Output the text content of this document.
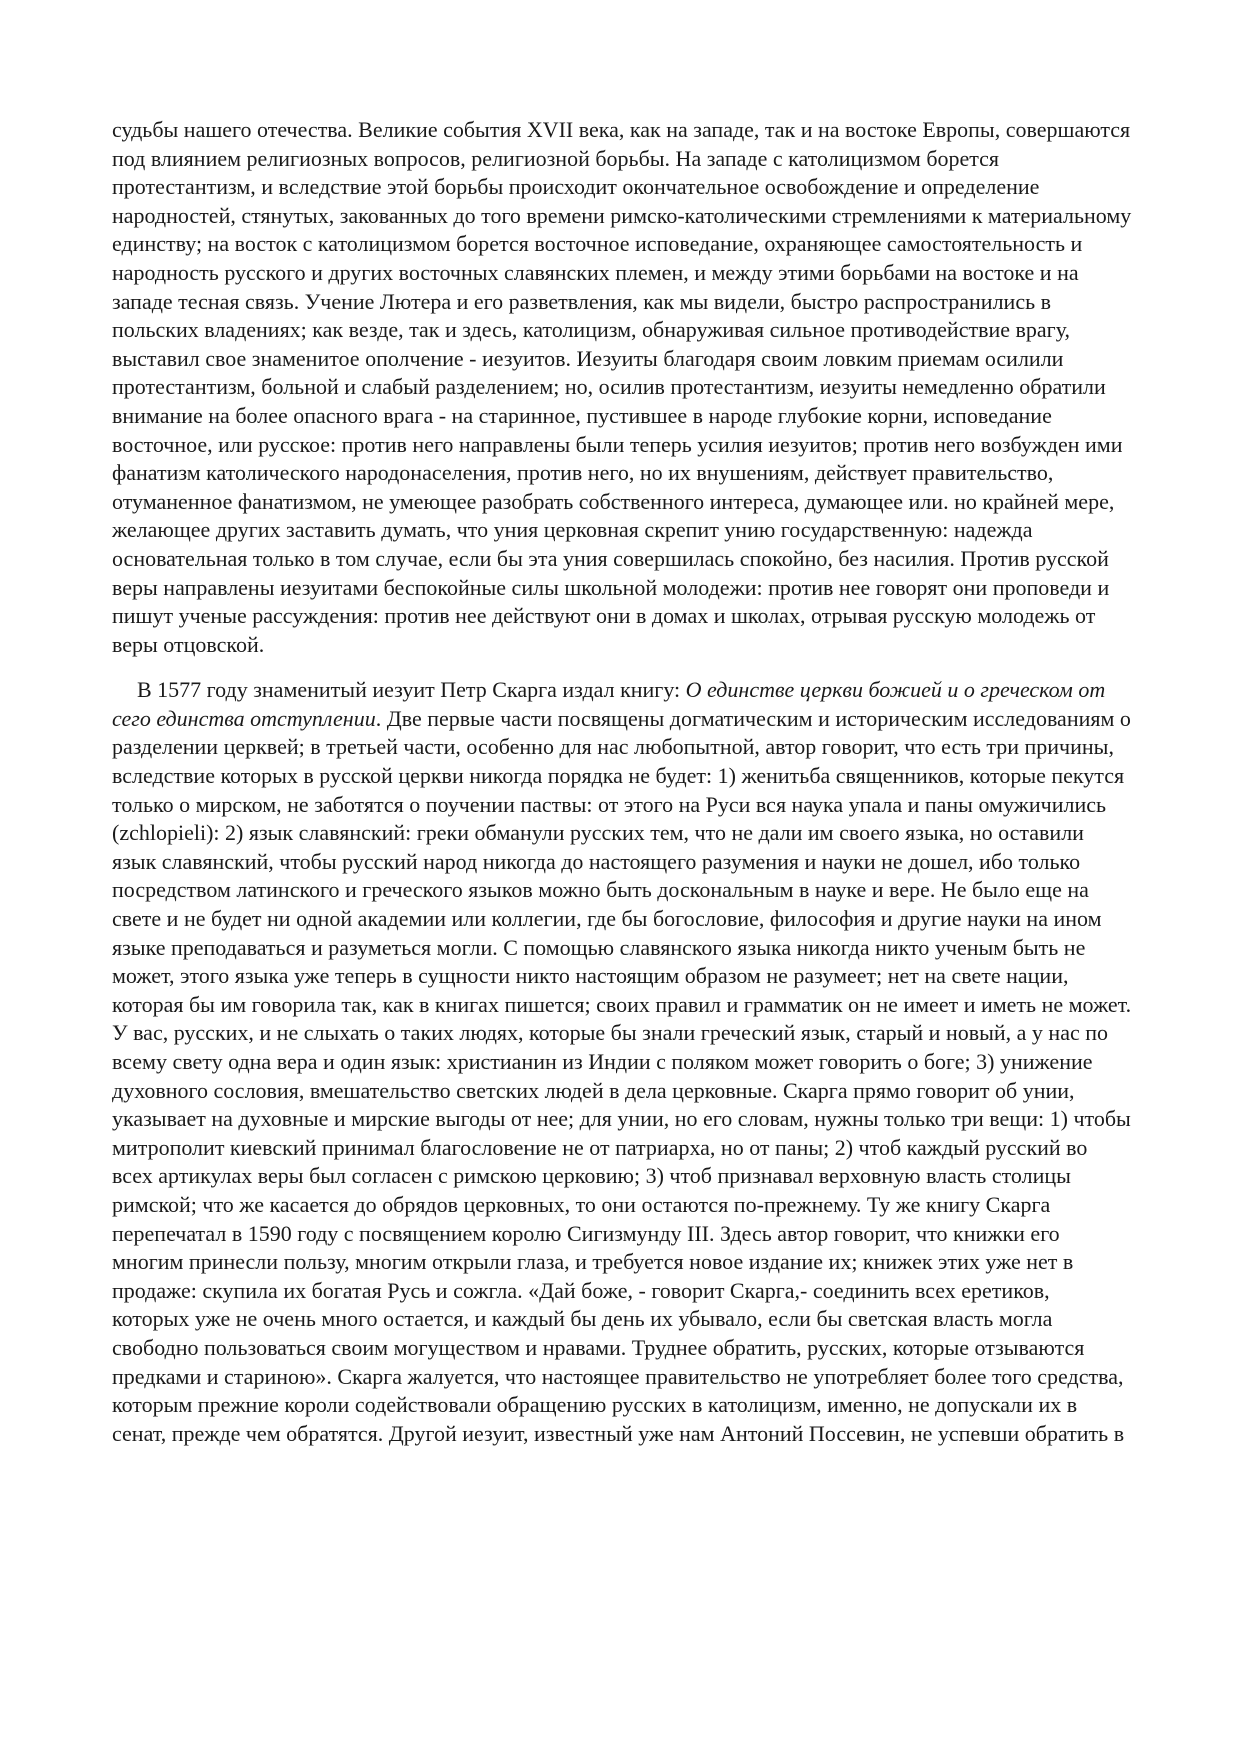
судьбы нашего отечества. Великие события XVII века, как на западе, так и на востоке Европы, совершаются под влиянием религиозных вопросов, религиозной борьбы. На западе с католицизмом борется протестантизм, и вследствие этой борьбы происходит окончательное освобождение и определение народностей, стянутых, закованных до того времени римско-католическими стремлениями к материальному единству; на восток с католицизмом борется восточное исповедание, охраняющее самостоятельность и народность русского и других восточных славянских племен, и между этими борьбами на востоке и на западе тесная связь. Учение Лютера и его разветвления, как мы видели, быстро распространились в польских владениях; как везде, так и здесь, католицизм, обнаруживая сильное противодействие врагу, выставил свое знаменитое ополчение - иезуитов. Иезуиты благодаря своим ловким приемам осилили протестантизм, больной и слабый разделением; но, осилив протестантизм, иезуиты немедленно обратили внимание на более опасного врага - на старинное, пустившее в народе глубокие корни, исповедание восточное, или русское: против него направлены были теперь усилия иезуитов; против него возбужден ими фанатизм католического народонаселения, против него, но их внушениям, действует правительство, отуманенное фанатизмом, не умеющее разобрать собственного интереса, думающее или. но крайней мере, желающее других заставить думать, что уния церковная скрепит унию государственную: надежда основательная только в том случае, если бы эта уния совершилась спокойно, без насилия. Против русской веры направлены иезуитами беспокойные силы школьной молодежи: против нее говорят они проповеди и пишут ученые рассуждения: против нее действуют они в домах и школах, отрывая русскую молодежь от веры отцовской.

В 1577 году знаменитый иезуит Петр Скарга издал книгу: О единстве церкви божией и о греческом от сего единства отступлении. Две первые части посвящены догматическим и историческим исследованиям о разделении церквей; в третьей части, особенно для нас любопытной, автор говорит, что есть три причины, вследствие которых в русской церкви никогда порядка не будет: 1) женитьба священников, которые пекутся только о мирском, не заботятся о поучении паствы: от этого на Руси вся наука упала и паны омужичились (zchlopieli): 2) язык славянский: греки обманули русских тем, что не дали им своего языка, но оставили язык славянский, чтобы русский народ никогда до настоящего разумения и науки не дошел, ибо только посредством латинского и греческого языков можно быть доскональным в науке и вере. Не было еще на свете и не будет ни одной академии или коллегии, где бы богословие, философия и другие науки на ином языке преподаваться и разуметься могли. С помощью славянского языка никогда никто ученым быть не может, этого языка уже теперь в сущности никто настоящим образом не разумеет; нет на свете нации, которая бы им говорила так, как в книгах пишется; своих правил и грамматик он не имеет и иметь не может. У вас, русских, и не слыхать о таких людях, которые бы знали греческий язык, старый и новый, а у нас по всему свету одна вера и один язык: христианин из Индии с поляком может говорить о боге; 3) унижение духовного сословия, вмешательство светских людей в дела церковные. Скарга прямо говорит об унии, указывает на духовные и мирские выгоды от нее; для унии, но его словам, нужны только три вещи: 1) чтобы митрополит киевский принимал благословение не от патриарха, но от паны; 2) чтоб каждый русский во всех артикулах веры был согласен с римскою церковию; 3) чтоб признавал верховную власть столицы римской; что же касается до обрядов церковных, то они остаются по-прежнему. Ту же книгу Скарга перепечатал в 1590 году с посвящением королю Сигизмунду III. Здесь автор говорит, что книжки его многим принесли пользу, многим открыли глаза, и требуется новое издание их; книжек этих уже нет в продаже: скупила их богатая Русь и сожгла. «Дай боже, - говорит Скарга,- соединить всех еретиков, которых уже не очень много остается, и каждый бы день их убывало, если бы светская власть могла свободно пользоваться своим могуществом и нравами. Труднее обратить, русских, которые отзываются предками и стариною». Скарга жалуется, что настоящее правительство не употребляет более того средства, которым прежние короли содействовали обращению русских в католицизм, именно, не допускали их в сенат, прежде чем обратятся. Другой иезуит, известный уже нам Антоний Поссевин, не успевши обратить в
